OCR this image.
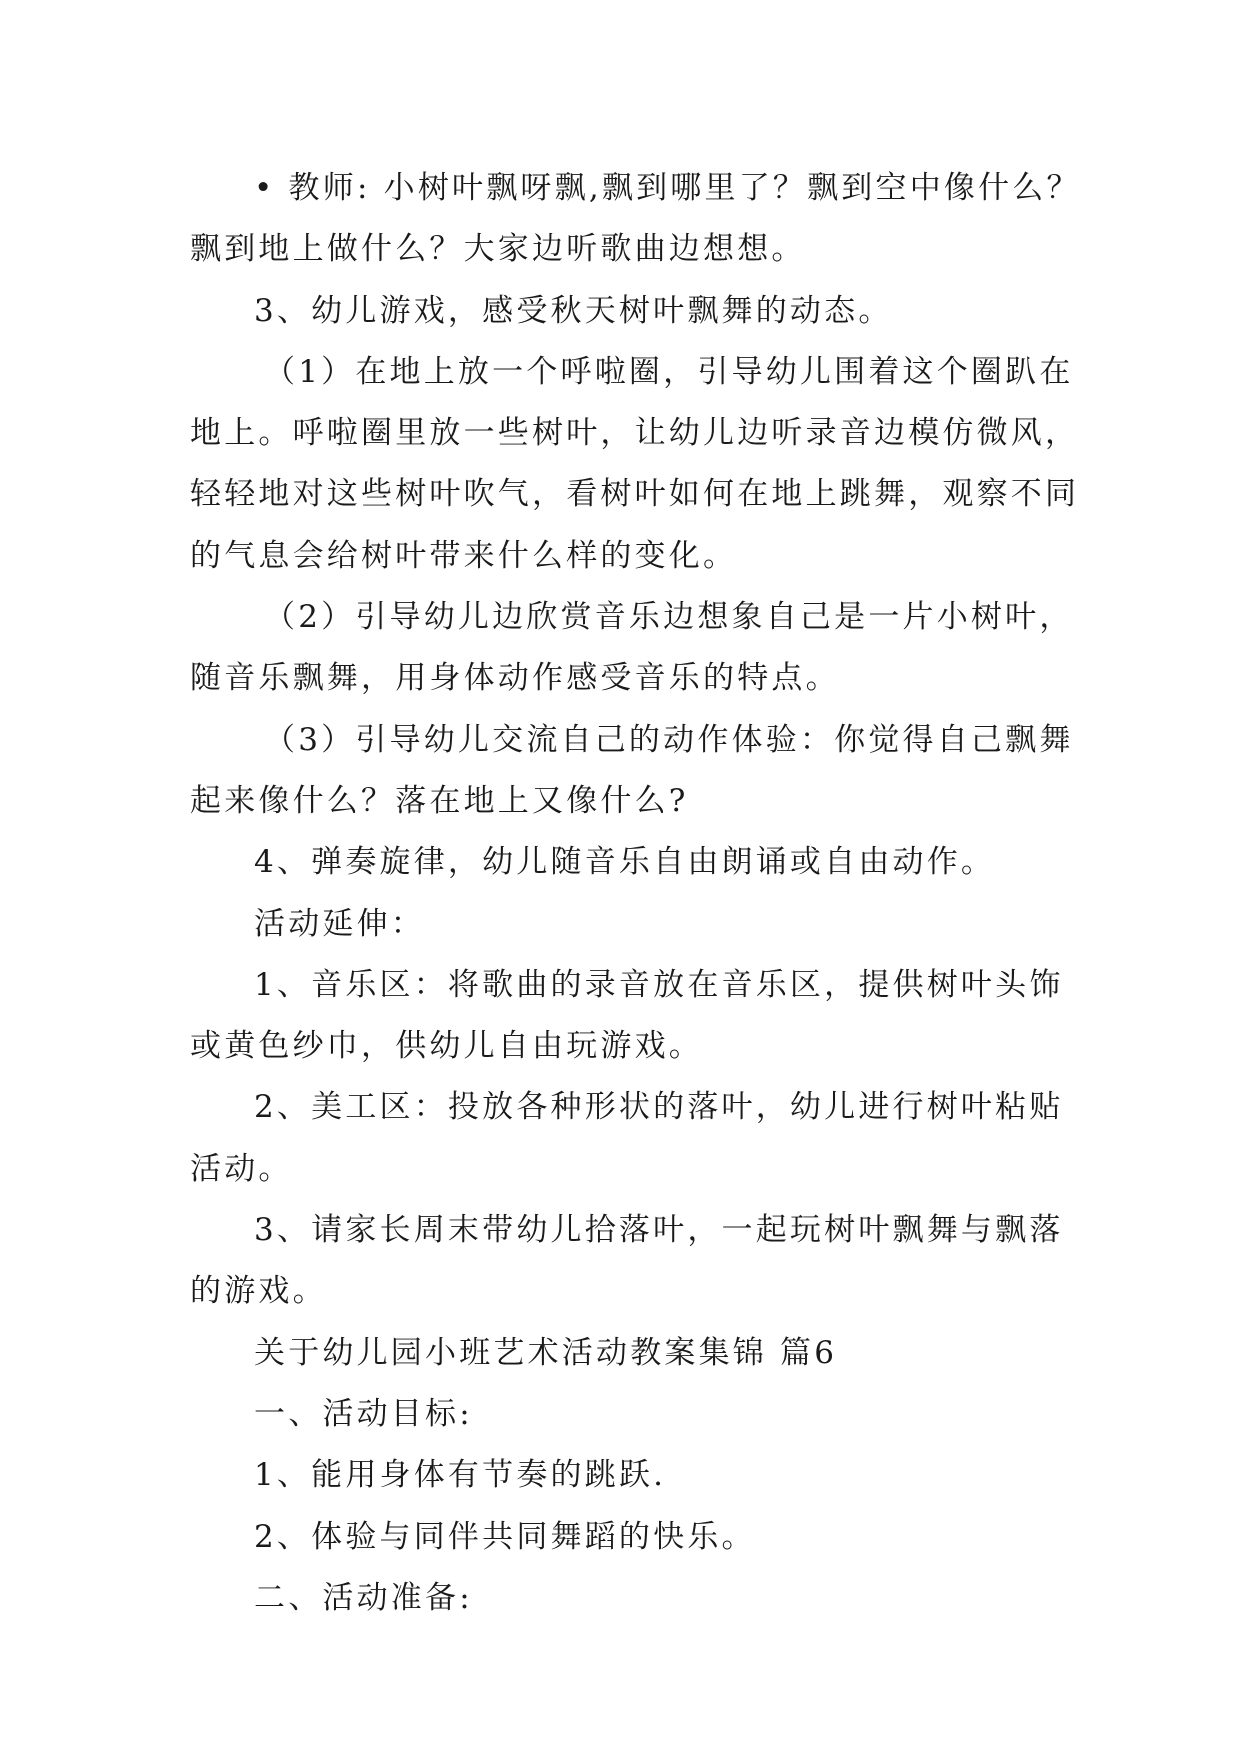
• 教师: 小树叶飘呀飘,飘到哪里了？飘到空中像什么？

飘到地上做什么？大家边听歌曲边想想。

3、幼儿游戏，感受秋天树叶飘舞的动态。

（1）在地上放一个呼啦圈，引导幼儿围着这个圈趴在

地上。呼啦圈里放一些树叶，让幼儿边听录音边模仿微风，

轻轻地对这些树叶吹气，看树叶如何在地上跳舞，观察不同

的气息会给树叶带来什么样的变化。

（2）引导幼儿边欣赏音乐边想象自己是一片小树叶，

随音乐飘舞，用身体动作感受音乐的特点。

（3）引导幼儿交流自己的动作体验：你觉得自己飘舞

起来像什么？落在地上又像什么?

4、弹奏旋律，幼儿随音乐自由朗诵或自由动作。

活动延伸：

1、音乐区：将歌曲的录音放在音乐区，提供树叶头饰

或黄色纱巾，供幼儿自由玩游戏。

2、美工区：投放各种形状的落叶，幼儿进行树叶粘贴

活动。

3、请家长周末带幼儿拾落叶，一起玩树叶飘舞与飘落

的游戏。

关于幼儿园小班艺术活动教案集锦 篇6

一、活动目标:

1、能用身体有节奏的跳跃.

2、体验与同伴共同舞蹈的快乐。

二、活动准备:
